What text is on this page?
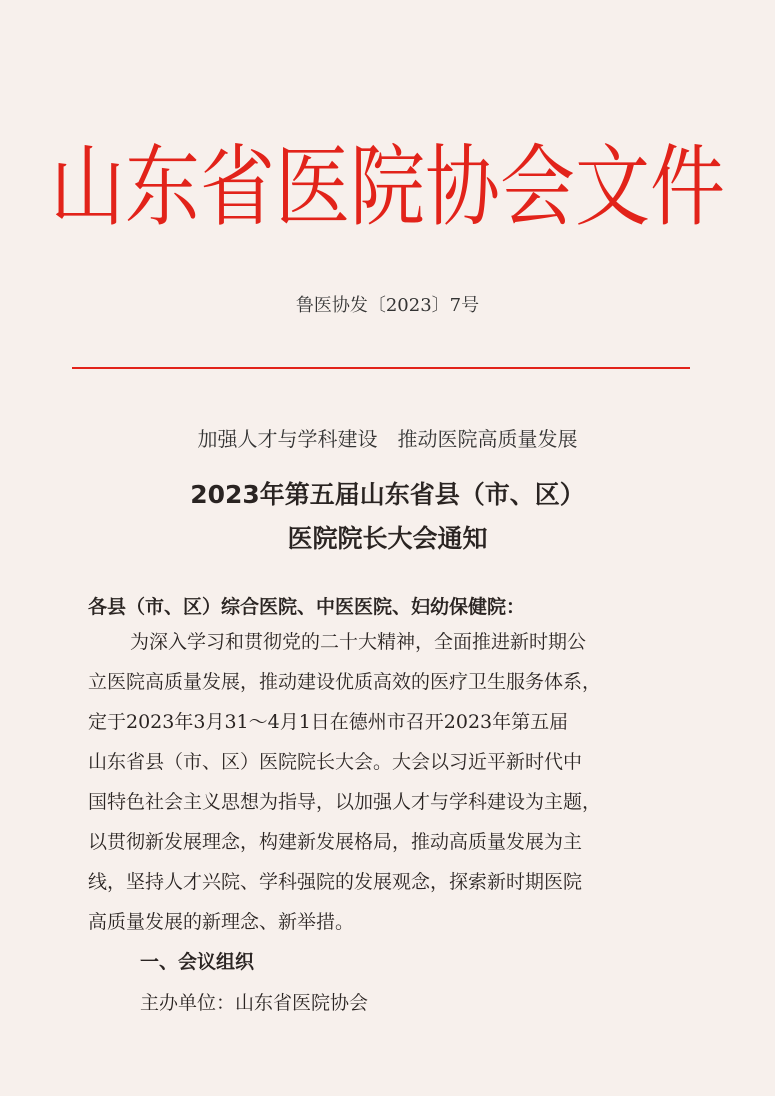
山东省医院协会文件
鲁医协发〔2023〕7号
加强人才与学科建设　推动医院高质量发展
2023年第五届山东省县（市、区）
医院院长大会通知
各县（市、区）综合医院、中医医院、妇幼保健院：
为深入学习和贯彻党的二十大精神，全面推进新时期公
立医院高质量发展，推动建设优质高效的医疗卫生服务体系，
定于2023年3月31～4月1日在德州市召开2023年第五届
山东省县（市、区）医院院长大会。大会以习近平新时代中
国特色社会主义思想为指导，以加强人才与学科建设为主题，
以贯彻新发展理念，构建新发展格局，推动高质量发展为主
线，坚持人才兴院、学科强院的发展观念，探索新时期医院
高质量发展的新理念、新举措。
一、会议组织
主办单位：山东省医院协会
